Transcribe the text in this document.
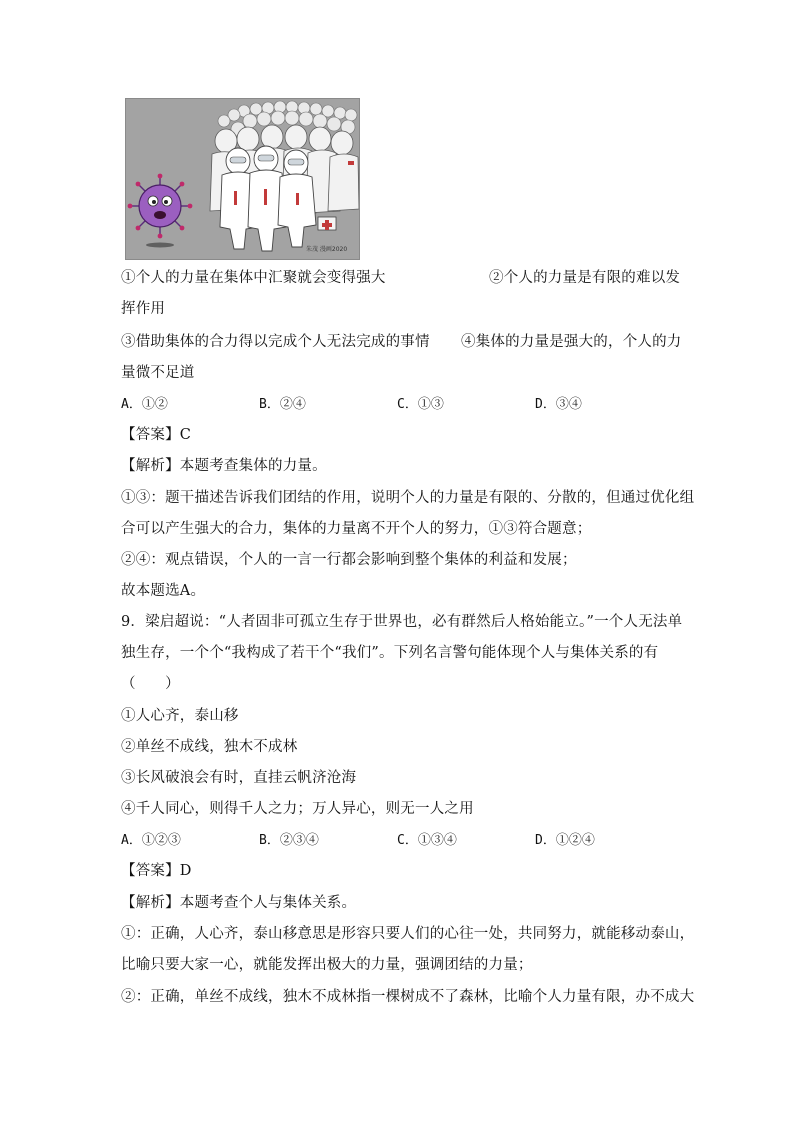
朱茂 漫画2020
①个人的力量在集体中汇聚就会变得强大	②个人的力量是有限的难以发
挥作用
③借助集体的合力得以完成个人无法完成的事情 ④集体的力量是强大的，个人的力
量微不足道
A．①②	B．②④	C．①③	D．③④
【答案】C
【解析】本题考查集体的力量。
①③：题干描述告诉我们团结的作用，说明个人的力量是有限的、分散的，但通过优化组
合可以产生强大的合力，集体的力量离不开个人的努力，①③符合题意；
②④：观点错误，个人的一言一行都会影响到整个集体的利益和发展；
故本题选A。
9．梁启超说：“人者固非可孤立生存于世界也，必有群然后人格始能立。”一个人无法单
独生存，一个个“我构成了若干个“我们”。下列名言警句能体现个人与集体关系的有
（　　）
①人心齐，泰山移
②单丝不成线，独木不成林
③长风破浪会有时，直挂云帆济沧海
④千人同心，则得千人之力；万人异心，则无一人之用
A．①②③	B．②③④	C．①③④	D．①②④
【答案】D
【解析】本题考查个人与集体关系。
①：正确，人心齐，泰山移意思是形容只要人们的心往一处，共同努力，就能移动泰山，
比喻只要大家一心，就能发挥出极大的力量，强调团结的力量；
②：正确，单丝不成线，独木不成林指一棵树成不了森林，比喻个人力量有限，办不成大
